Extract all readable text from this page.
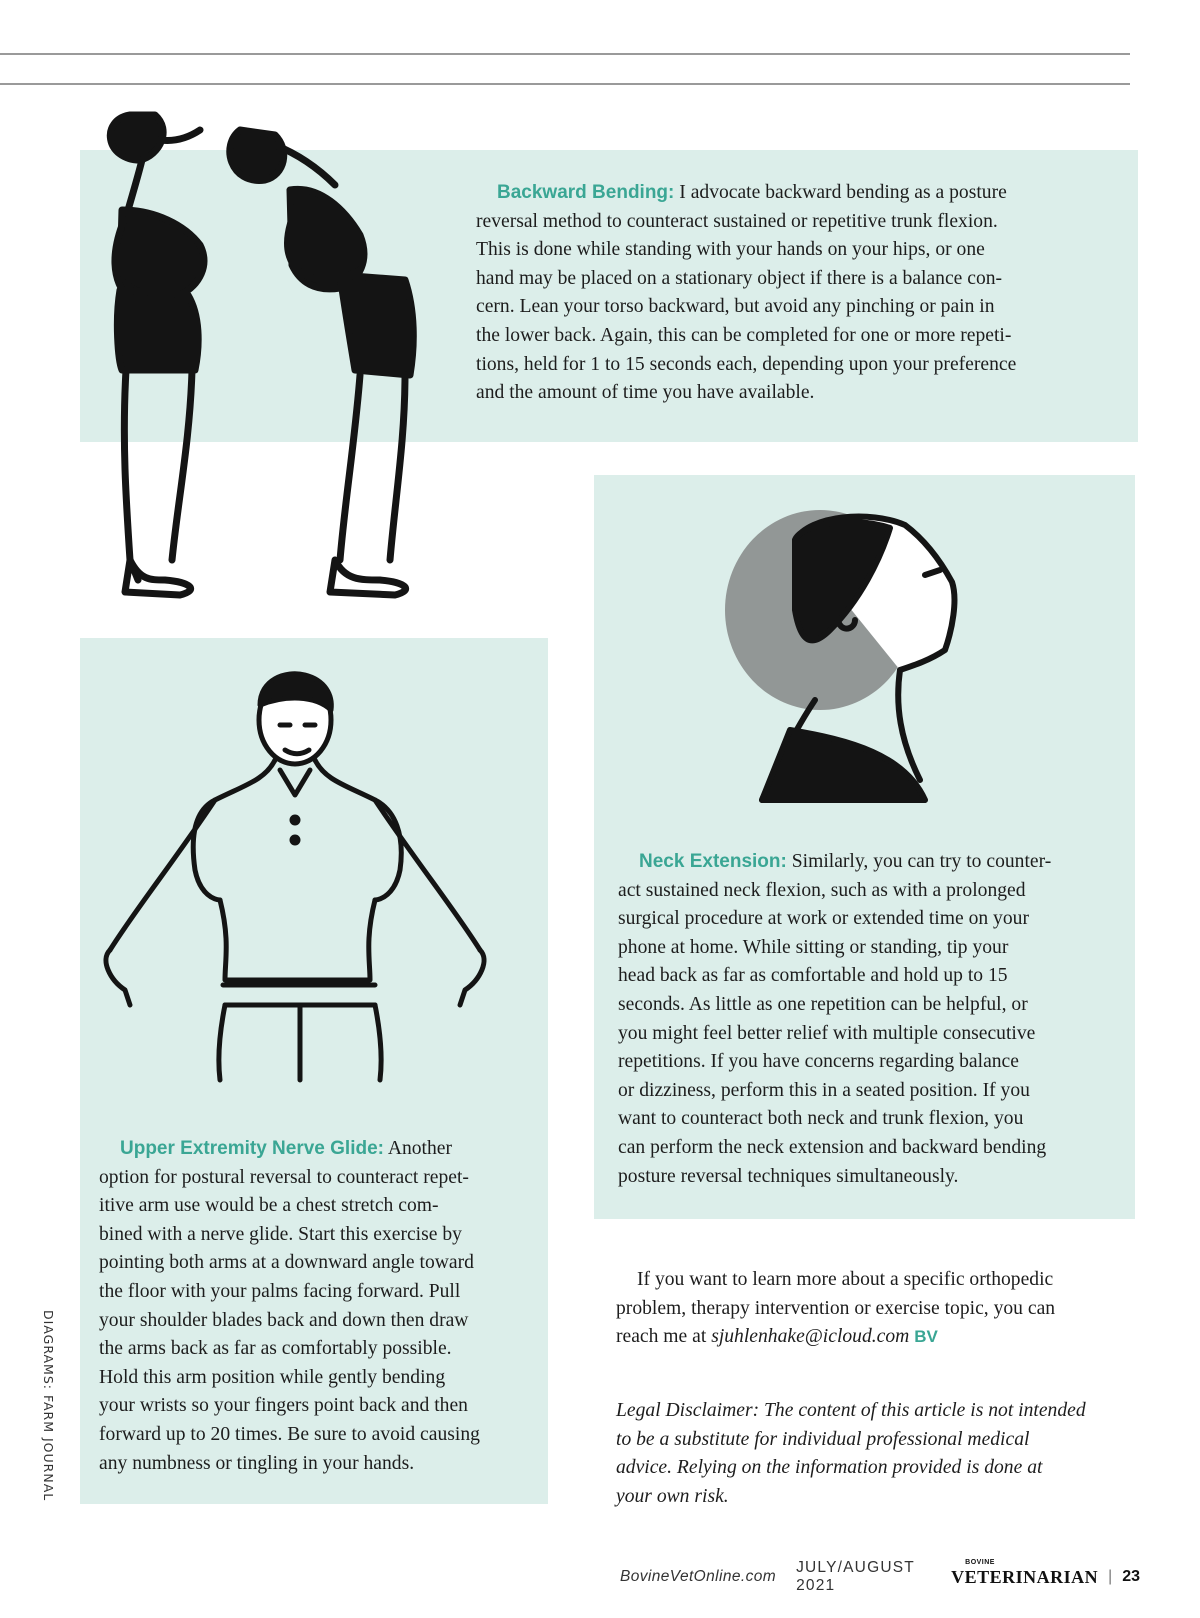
Backward Bending: I advocate backward bending as a posture
reversal method to counteract sustained or repetitive trunk flexion.
This is done while standing with your hands on your hips, or one
hand may be placed on a stationary object if there is a balance con-
cern. Lean your torso backward, but avoid any pinching or pain in
the lower back. Again, this can be completed for one or more repeti-
tions, held for 1 to 15 seconds each, depending upon your preference
and the amount of time you have available.
Neck Extension: Similarly, you can try to counter-
act sustained neck flexion, such as with a prolonged
surgical procedure at work or extended time on your
phone at home. While sitting or standing, tip your
head back as far as comfortable and hold up to 15
seconds. As little as one repetition can be helpful, or
you might feel better relief with multiple consecutive
repetitions. If you have concerns regarding balance
or dizziness, perform this in a seated position. If you
want to counteract both neck and trunk flexion, you
can perform the neck extension and backward bending
posture reversal techniques simultaneously.
Upper Extremity Nerve Glide: Another
option for postural reversal to counteract repet-
itive arm use would be a chest stretch com-
bined with a nerve glide. Start this exercise by
pointing both arms at a downward angle toward
the floor with your palms facing forward. Pull
your shoulder blades back and down then draw
the arms back as far as comfortably possible.
Hold this arm position while gently bending
your wrists so your fingers point back and then
forward up to 20 times. Be sure to avoid causing
any numbness or tingling in your hands.
If you want to learn more about a specific orthopedic
problem, therapy intervention or exercise topic, you can
reach me at sjuhlenhake@icloud.com BV
Legal Disclaimer: The content of this article is not intended
to be a substitute for individual professional medical
advice. Relying on the information provided is done at
your own risk.
DIAGRAMS: FARM JOURNAL
BovineVetOnline.com
JULY/AUGUST 2021
BOVINE
VETERINARIAN | 23
